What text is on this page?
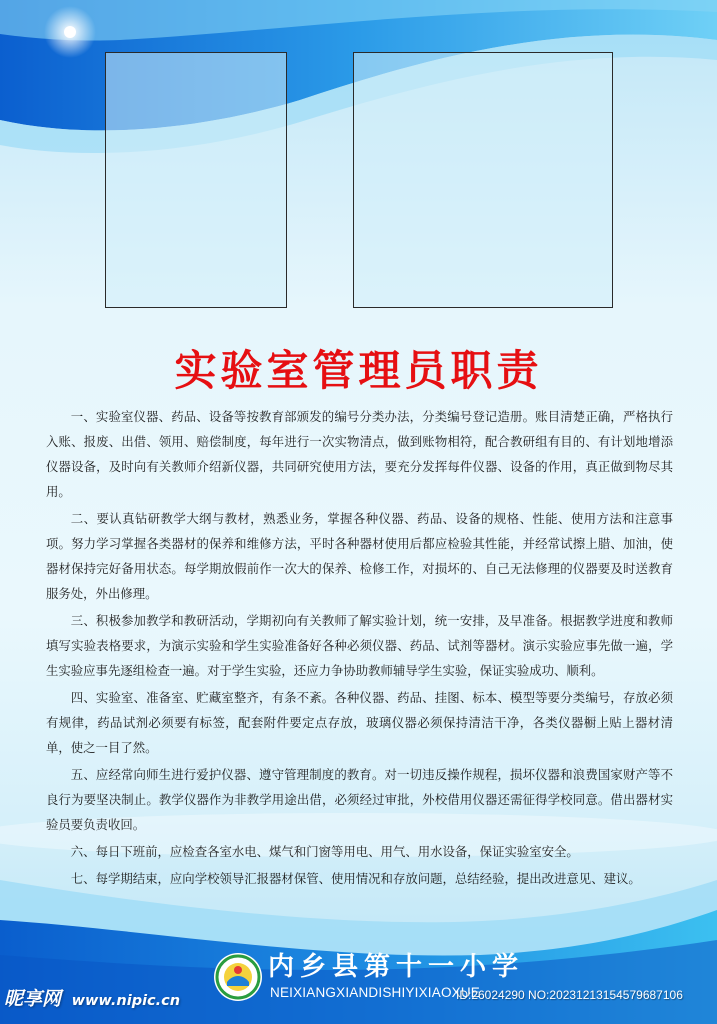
实验室管理员职责

一、实验室仪器、药品、设备等按教育部颁发的编号分类办法，分类编号登记造册。账目清楚正确，严格执行入账、报废、出借、领用、赔偿制度，每年进行一次实物清点，做到账物相符，配合教研组有目的、有计划地增添仪器设备，及时向有关教师介绍新仪器，共同研究使用方法，要充分发挥每件仪器、设备的作用，真正做到物尽其用。

二、要认真钻研教学大纲与教材，熟悉业务，掌握各种仪器、药品、设备的规格、性能、使用方法和注意事项。努力学习掌握各类器材的保养和维修方法，平时各种器材使用后都应检验其性能，并经常试擦上腊、加油，使器材保持完好备用状态。每学期放假前作一次大的保养、检修工作，对损坏的、自己无法修理的仪器要及时送教育服务处，外出修理。

三、积极参加教学和教研活动，学期初向有关教师了解实验计划，统一安排，及早准备。根据教学进度和教师填写实验表格要求，为演示实验和学生实验准备好各种必须仪器、药品、试剂等器材。演示实验应事先做一遍，学生实验应事先逐组检查一遍。对于学生实验，还应力争协助教师辅导学生实验，保证实验成功、顺利。

四、实验室、准备室、贮藏室整齐，有条不紊。各种仪器、药品、挂图、标本、模型等要分类编号，存放必须有规律，药品试剂必须要有标签，配套附件要定点存放，玻璃仪器必须保持清洁干净，各类仪器橱上贴上器材清单，使之一目了然。

五、应经常向师生进行爱护仪器、遵守管理制度的教育。对一切违反操作规程，损坏仪器和浪费国家财产等不良行为要坚决制止。教学仪器作为非教学用途出借，必须经过审批，外校借用仪器还需征得学校同意。借出器材实验员要负责收回。

六、每日下班前，应检查各室水电、煤气和门窗等用电、用气、用水设备，保证实验室安全。

七、每学期结束，应向学校领导汇报器材保管、使用情况和存放问题，总结经验，提出改进意见、建议。

内乡县第十一小学
NEIXIANGXIANDISHIYIXIAOXUE
昵享网 www.nipic.cn	ID:26024290 NO:20231213154579687106
